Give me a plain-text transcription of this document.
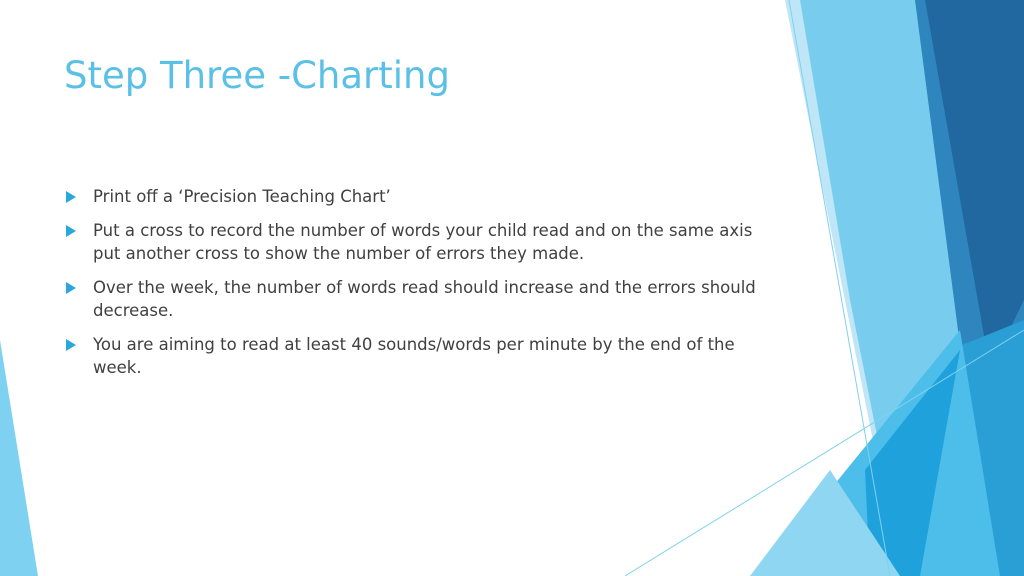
Step Three -Charting
Print off a ‘Precision Teaching Chart’
Put a cross to record the number of words your child read and on the same axis put another cross to show the number of errors they made.
Over the week, the number of words read should increase and the errors should decrease.
You are aiming to read at least 40 sounds/words per minute by the end of the week.
